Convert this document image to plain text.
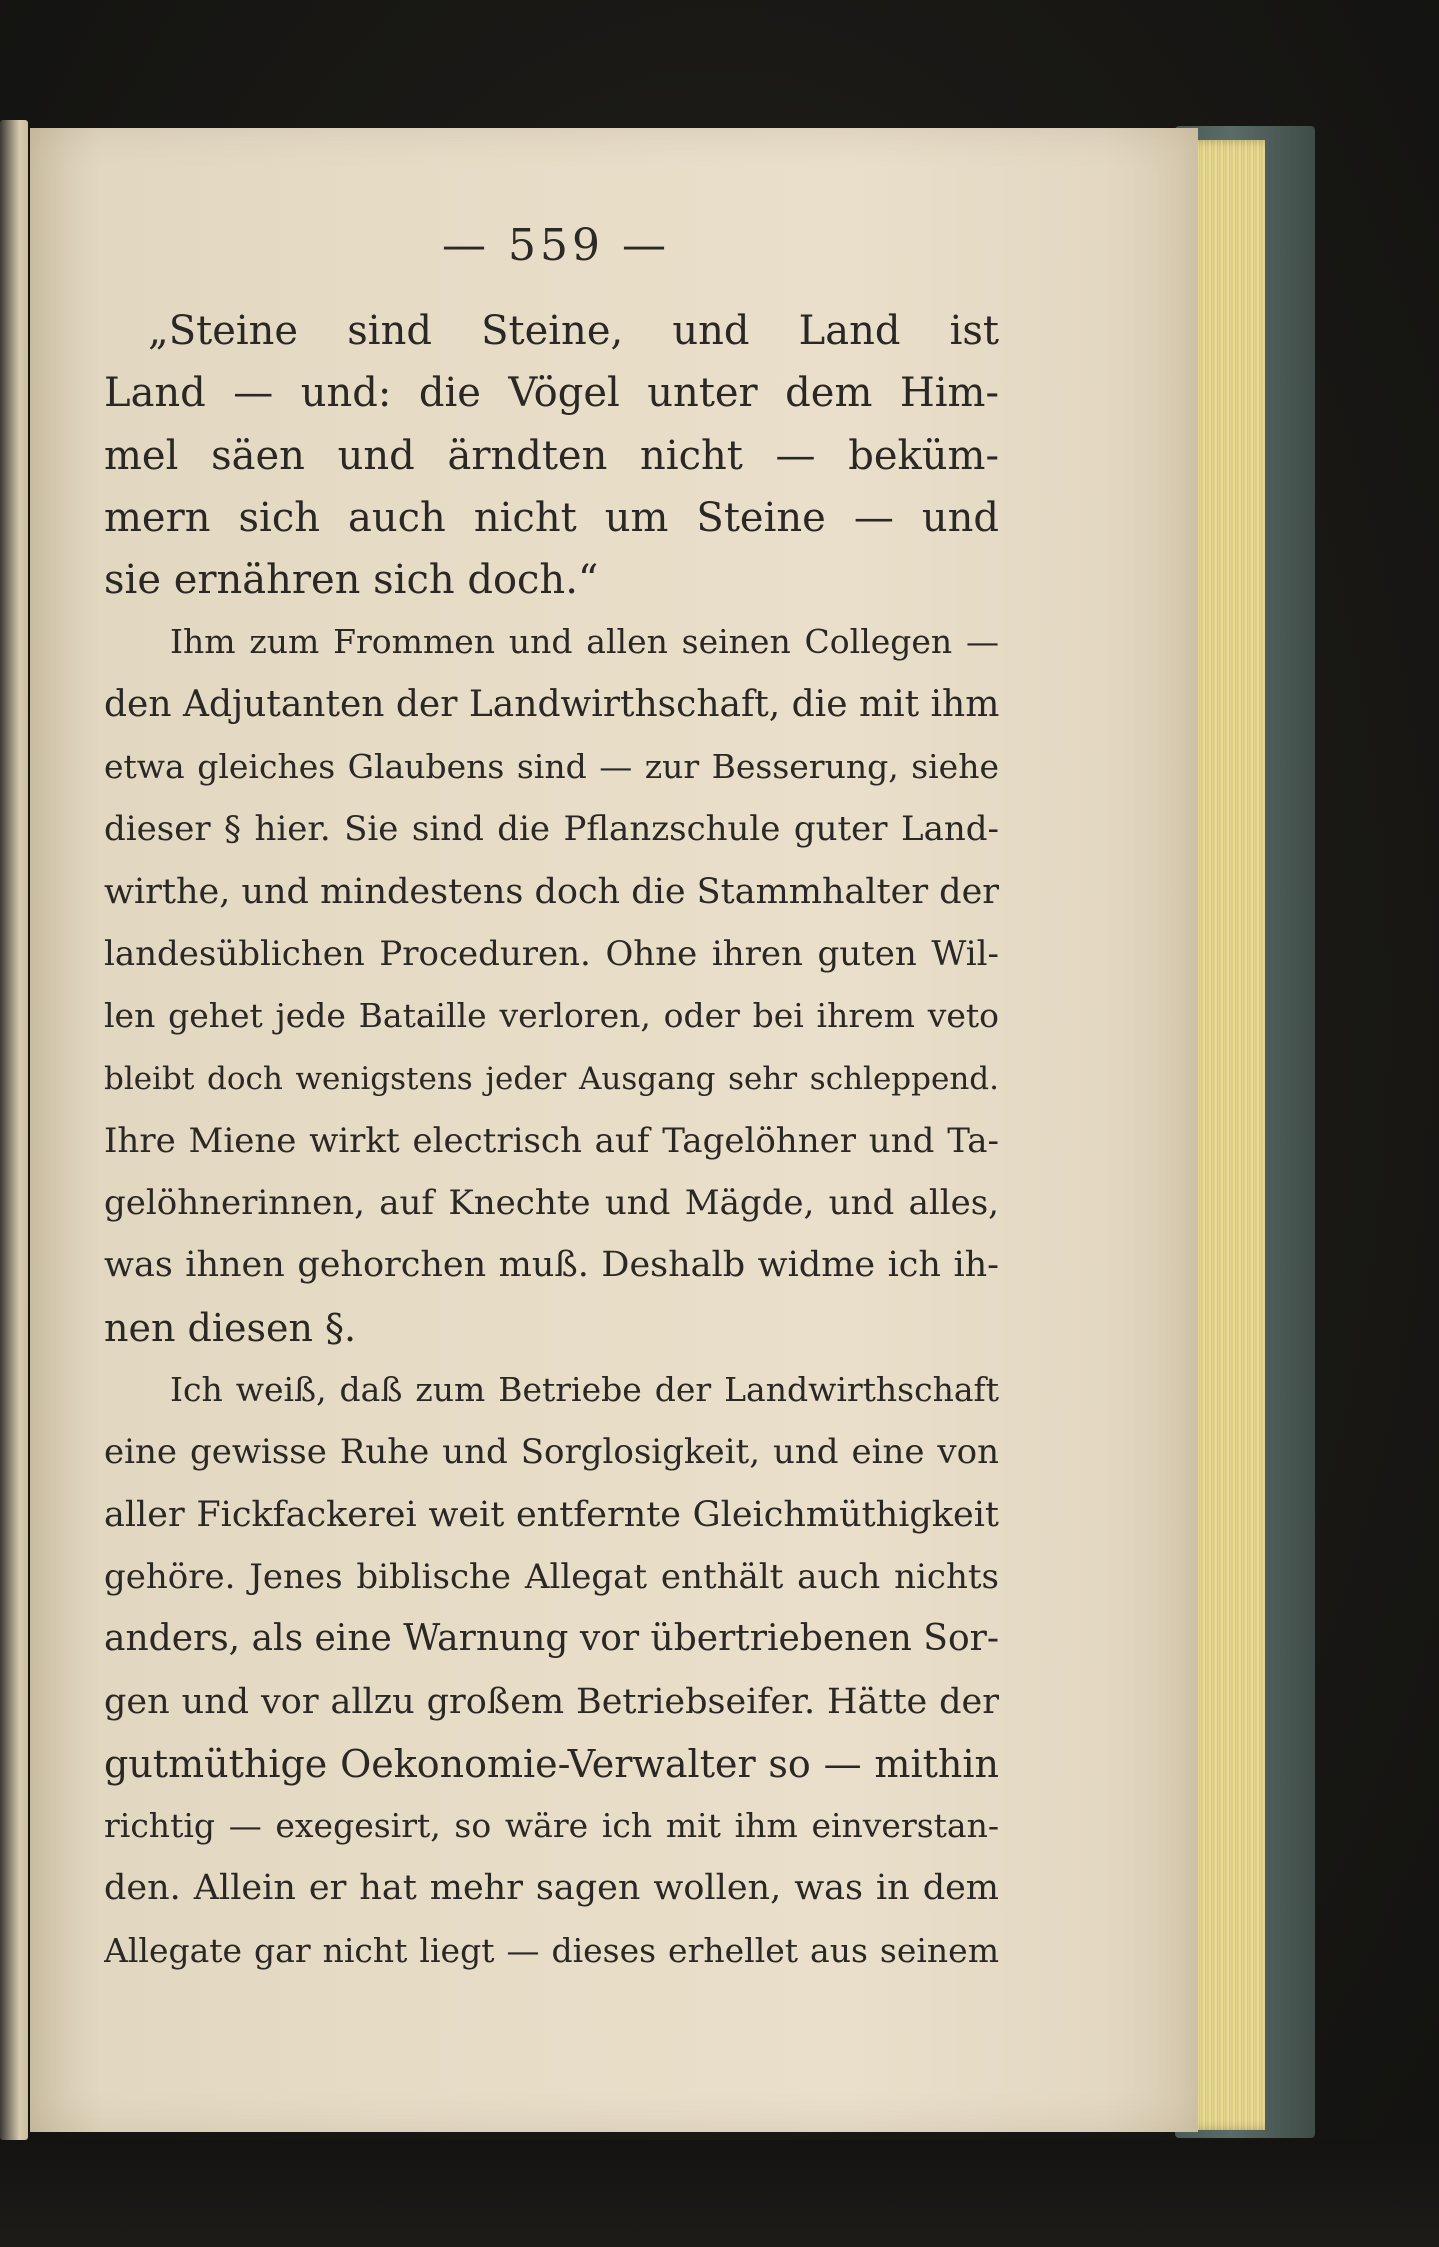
— 559 —
„Steine sind Steine, und Land ist
Land — und: die Vögel unter dem Him-
mel säen und ärndten nicht — beküm-
mern sich auch nicht um Steine — und
sie ernähren sich doch.“
Ihm zum Frommen und allen seinen Collegen —
den Adjutanten der Landwirthschaft, die mit ihm
etwa gleiches Glaubens sind — zur Besserung, siehe
dieser § hier. Sie sind die Pflanzschule guter Land-
wirthe, und mindestens doch die Stammhalter der
landesüblichen Proceduren. Ohne ihren guten Wil-
len gehet jede Bataille verloren, oder bei ihrem veto
bleibt doch wenigstens jeder Ausgang sehr schleppend.
Ihre Miene wirkt electrisch auf Tagelöhner und Ta-
gelöhnerinnen, auf Knechte und Mägde, und alles,
was ihnen gehorchen muß. Deshalb widme ich ih-
nen diesen §.
Ich weiß, daß zum Betriebe der Landwirthschaft
eine gewisse Ruhe und Sorglosigkeit, und eine von
aller Fickfackerei weit entfernte Gleichmüthigkeit
gehöre. Jenes biblische Allegat enthält auch nichts
anders, als eine Warnung vor übertriebenen Sor-
gen und vor allzu großem Betriebseifer. Hätte der
gutmüthige Oekonomie-Verwalter so — mithin
richtig — exegesirt, so wäre ich mit ihm einverstan-
den. Allein er hat mehr sagen wollen, was in dem
Allegate gar nicht liegt — dieses erhellet aus seinem
